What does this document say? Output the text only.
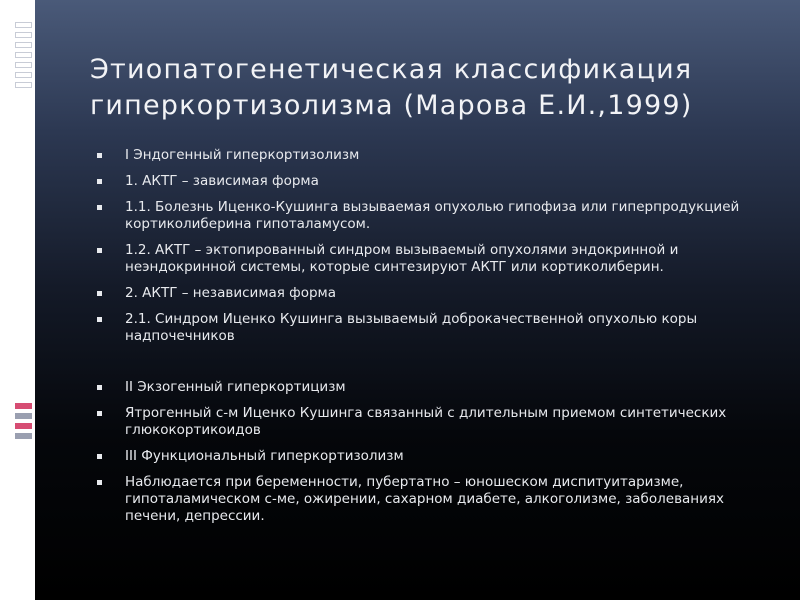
Этиопатогенетическая классификация
гиперкортизолизма (Марова Е.И.,1999)
I Эндогенный гиперкортизолизм
1. АКТГ – зависимая форма
1.1. Болезнь Иценко-Кушинга вызываемая опухолью гипофиза или гиперпродукцией кортиколиберина гипоталамусом.
1.2. АКТГ – эктопированный синдром вызываемый опухолями эндокринной и неэндокринной системы, которые синтезируют АКТГ или кортиколиберин.
2. АКТГ – независимая форма
2.1. Синдром Иценко Кушинга вызываемый доброкачественной опухолью коры надпочечников
II Экзогенный гиперкортицизм
Ятрогенный с-м Иценко Кушинга связанный с длительным приемом синтетических глюкокортикоидов
III Функциональный гиперкортизолизм
Наблюдается при беременности, пубертатно – юношеском диспитуитаризме, гипоталамическом с-ме, ожирении, сахарном диабете, алкоголизме, заболеваниях печени, депрессии.
